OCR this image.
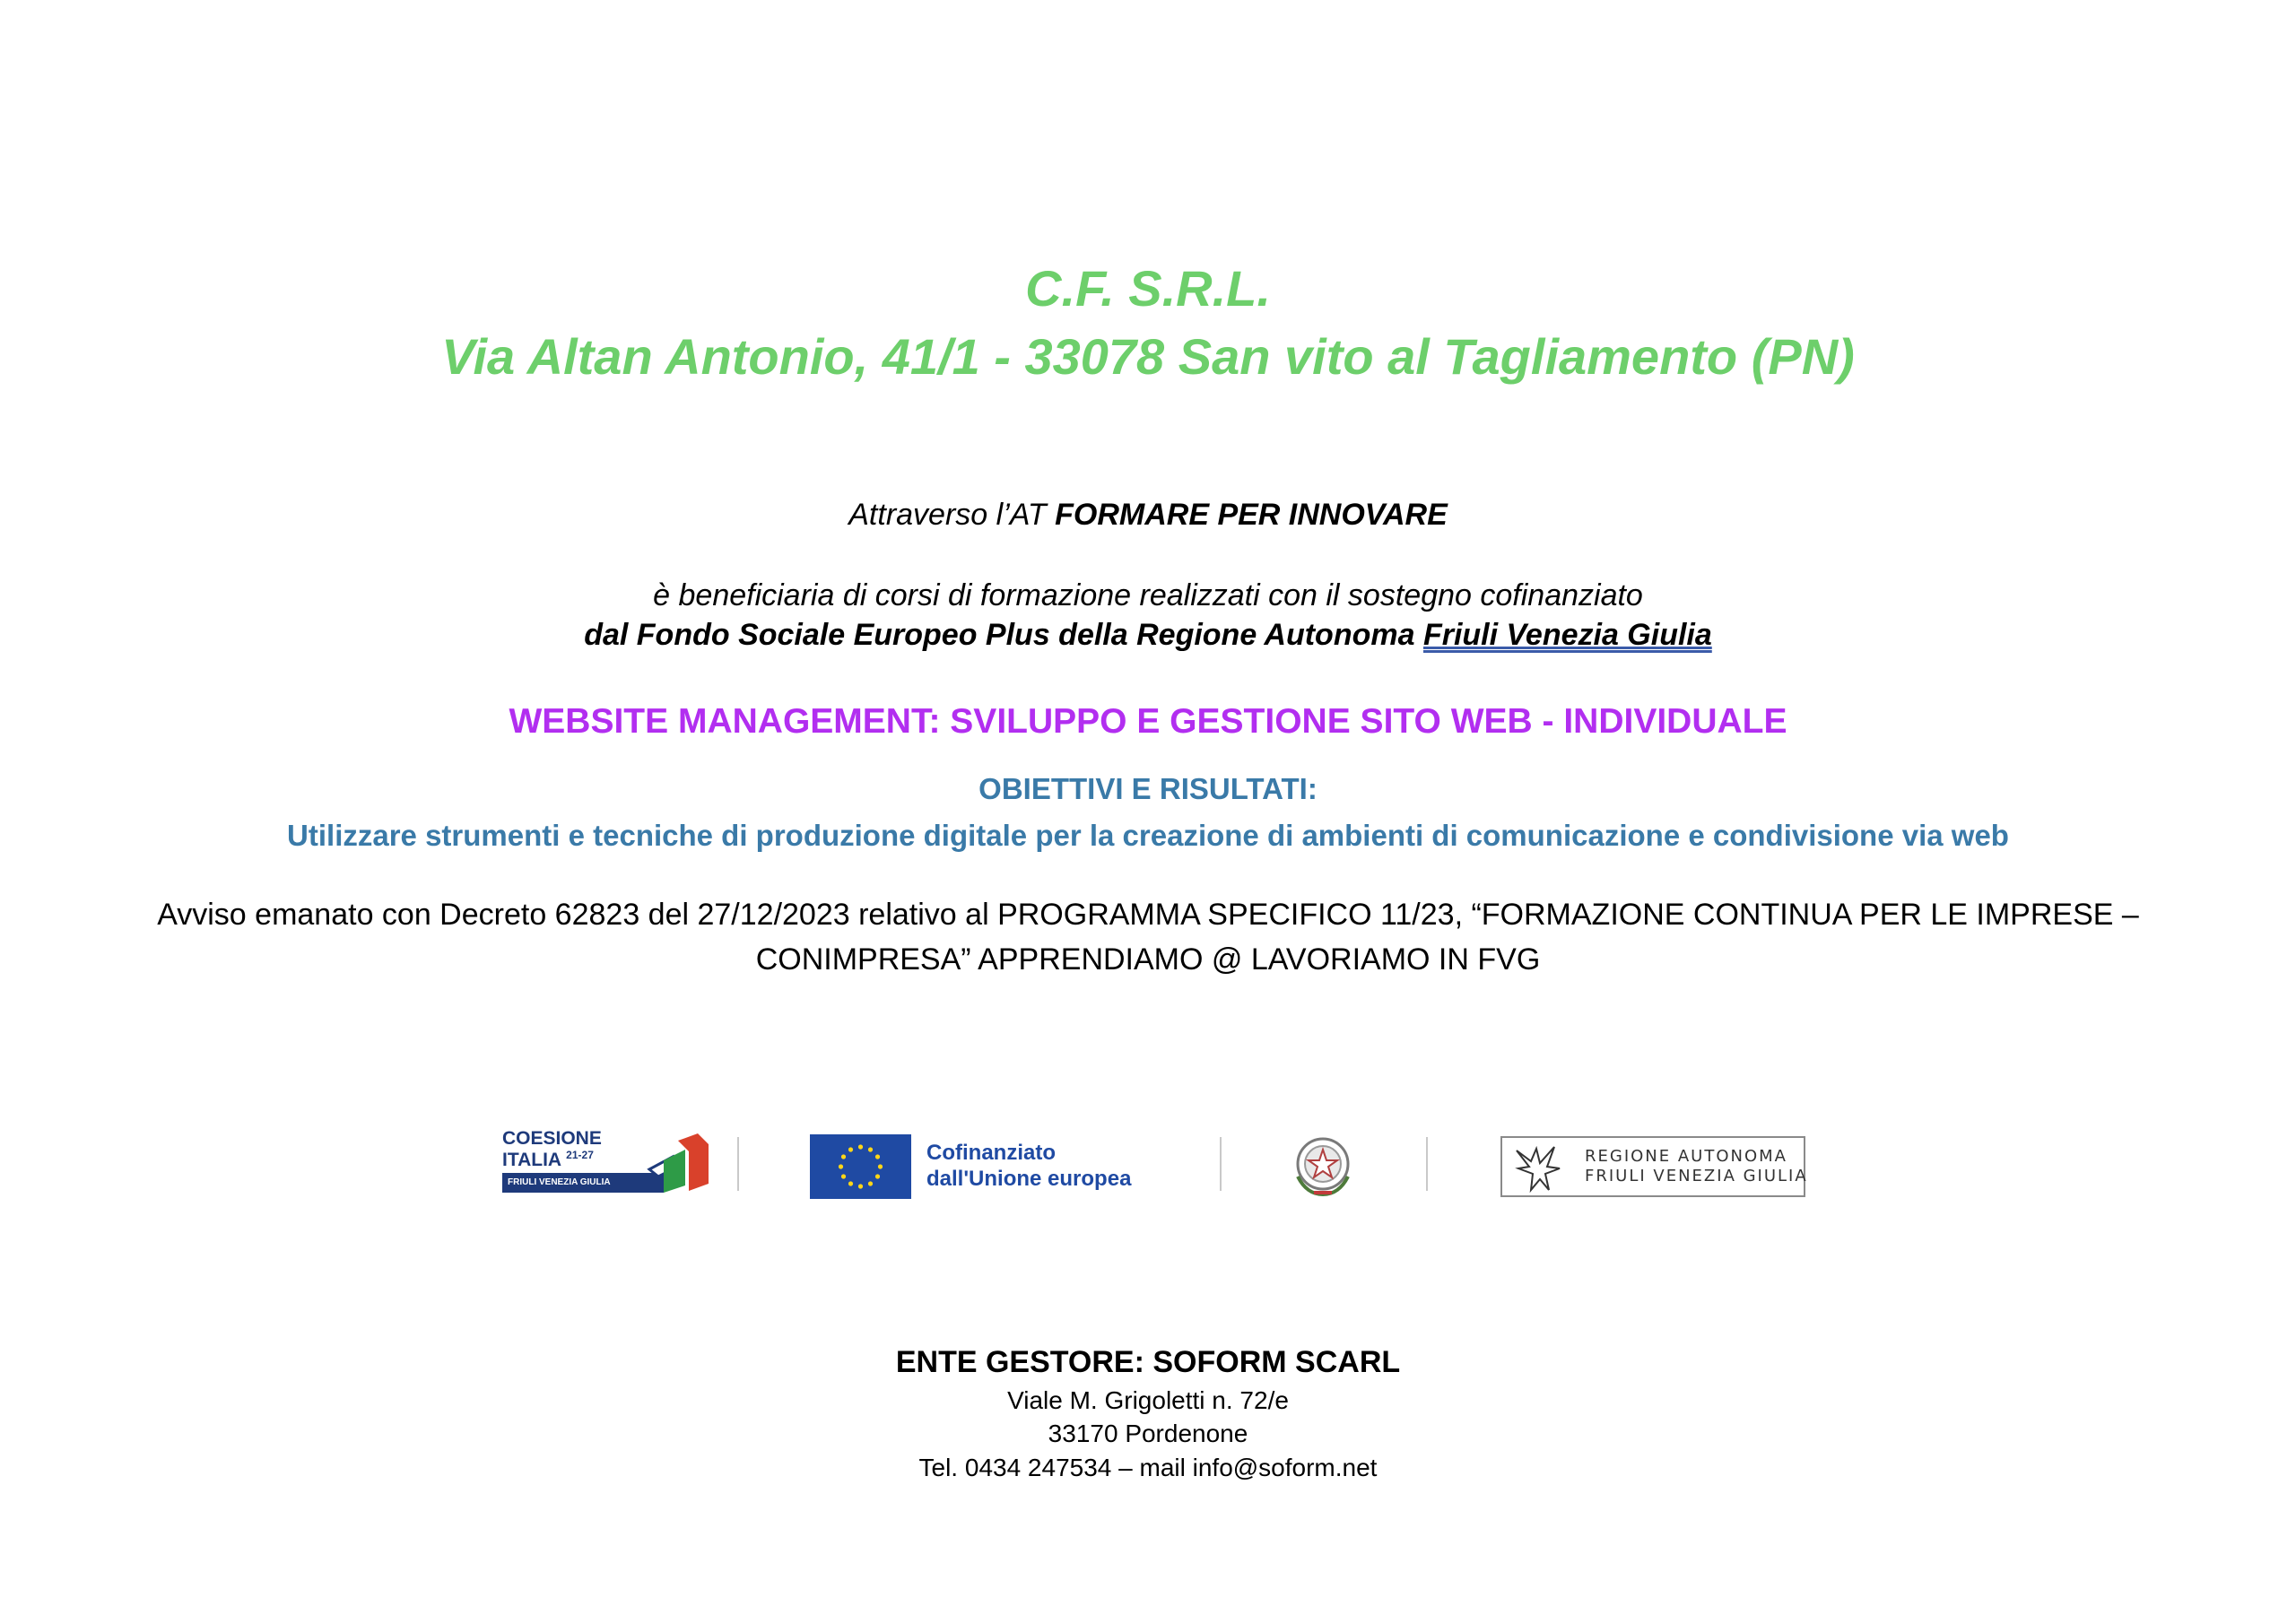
C.F. S.R.L.
Via Altan Antonio, 41/1 - 33078 San vito al Tagliamento (PN)
Attraverso l’AT FORMARE PER INNOVARE
è beneficiaria di corsi di formazione realizzati con il sostegno cofinanziato
dal Fondo Sociale Europeo Plus della Regione Autonoma Friuli Venezia Giulia
WEBSITE MANAGEMENT: SVILUPPO E GESTIONE SITO WEB - INDIVIDUALE
OBIETTIVI E RISULTATI:
Utilizzare strumenti e tecniche di produzione digitale per la creazione di ambienti di comunicazione e condivisione via web
Avviso emanato con Decreto 62823 del 27/12/2023 relativo al PROGRAMMA SPECIFICO 11/23, “FORMAZIONE CONTINUA PER LE IMPRESE – CONIMPRESA” APPRENDIAMO @ LAVORIAMO IN FVG
COESIONE
ITALIA $^{21-27}$
FRIULI VENEZIA GIULIA
Cofinanziato
dall'Unione europea
REGIONE AUTONOMA
FRIULI VENEZIA GIULIA
ENTE GESTORE: SOFORM SCARL
Viale M. Grigoletti n. 72/e
33170 Pordenone
Tel. 0434 247534 – mail info@soform.net
